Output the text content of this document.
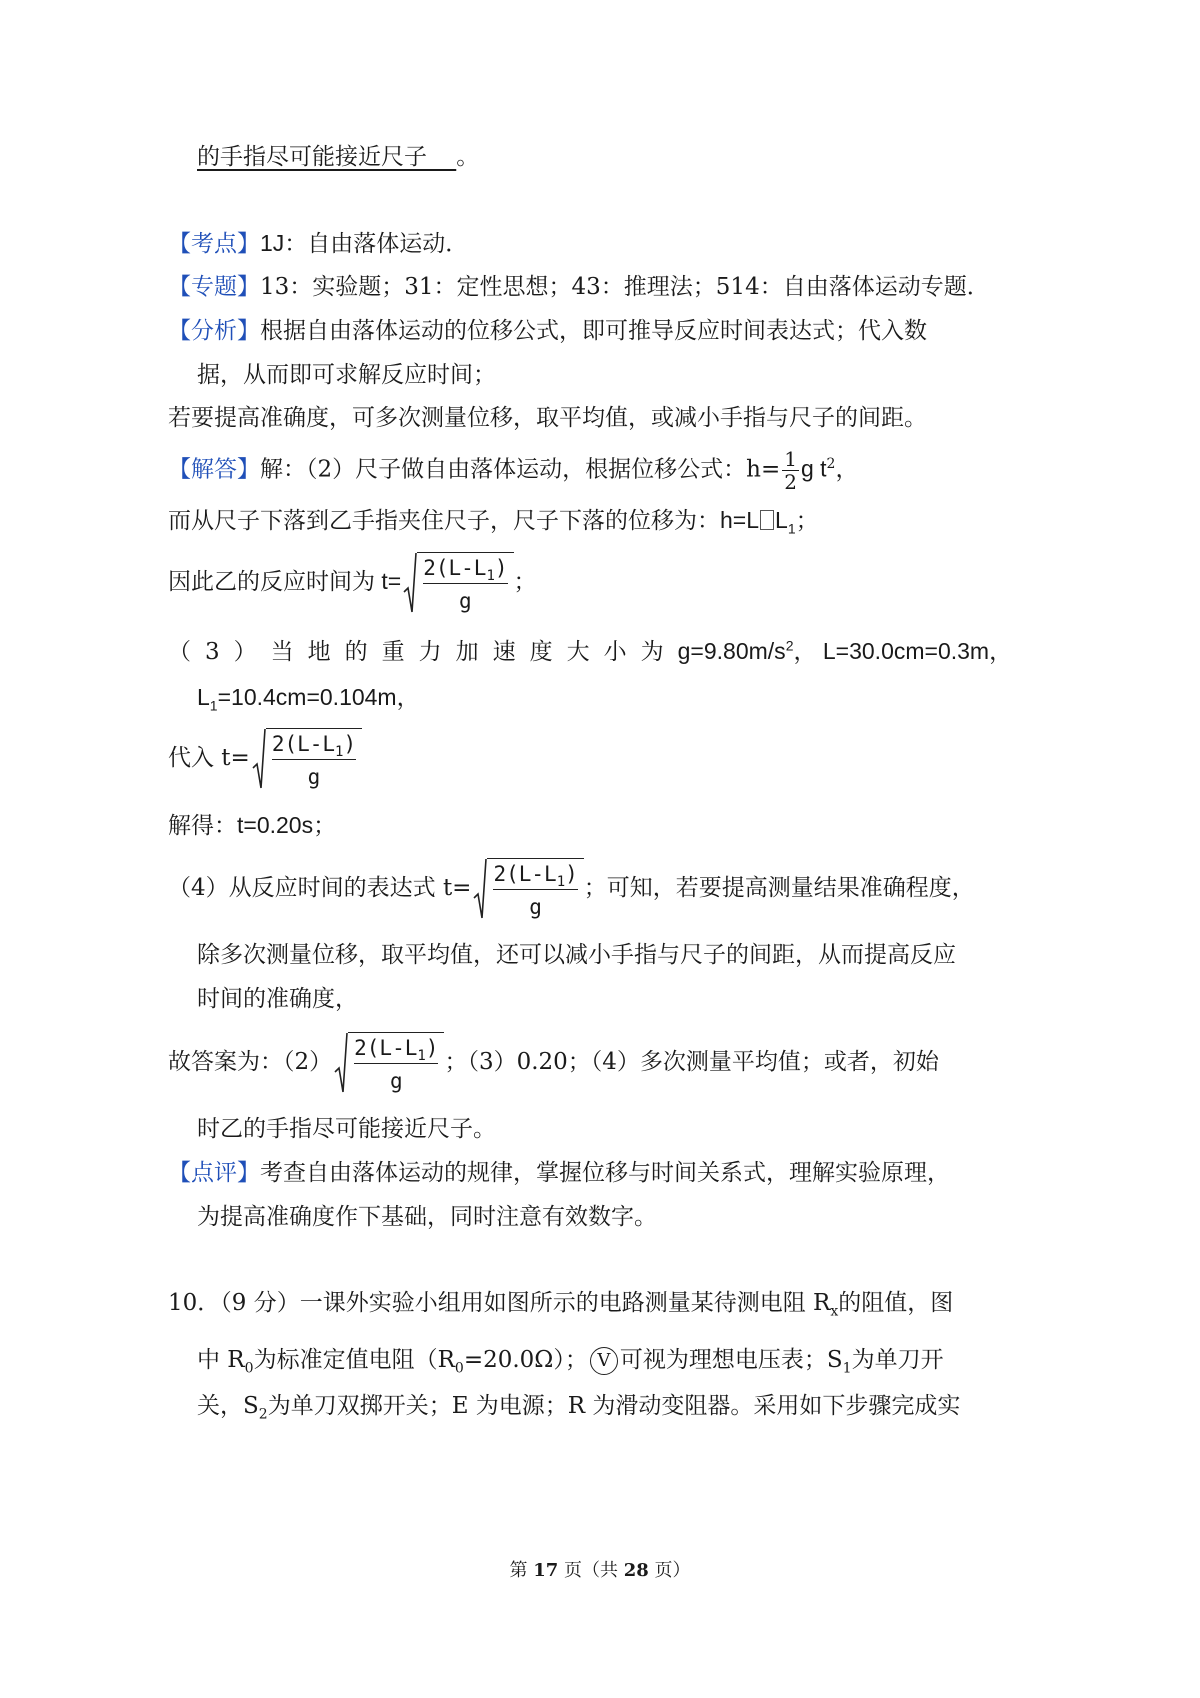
的手指尽可能接近尺子 。
【考点】1J：自由落体运动．
【专题】13：实验题；31：定性思想；43：推理法；514：自由落体运动专题．
【分析】根据自由落体运动的位移公式，即可推导反应时间表达式；代入数
据，从而即可求解反应时间；
若要提高准确度，可多次测量位移，取平均值，或减小手指与尺子的间距。
【解答】解：（2）尺子做自由落体运动，根据位移公式：$h= \frac{1}{2}$ g $t^2$，
而从尺子下落到乙手指夹住尺子，尺子下落的位移为：h=L $L_1$；
因此乙的反应时间为 $t= \frac{2(L-L_1)}{g}$ ；
（3）当地的重力加速度大小为$g=9.80m/s^2$， L=30.0cm=0.3m，
$L_1=10.4cm=0.104m$，
代入 $t= \frac{2(L-L_1)}{g}$
解得：t=0.20s；
（4）从反应时间的表达式 $t= \frac{2(L-L_1)}{g}$ ；可知，若要提高测量结果准确程度，
除多次测量位移，取平均值，还可以减小手指与尺子的间距，从而提高反应
时间的准确度，
故答案为：$(2) \frac{2(L-L_1)}{g}$ ；（3）0.20；（4）多次测量平均值；或者，初始
时乙的手指尽可能接近尺子。
【点评】考查自由落体运动的规律，掌握位移与时间关系式，理解实验原理，
为提高准确度作下基础，同时注意有效数字。
10．（9 分）一课外实验小组用如图所示的电路测量某待测电阻 $R_x$的阻值，图
中 $R_0$为标准定值电阻$(R_0=20.0\Omega)$； V 可视为理想电压表；$S_1$为单刀开
关，$S_2$为单刀双掷开关；E 为电源；R 为滑动变阻器。采用如下步骤完成实
第 17 页（共 28 页）
